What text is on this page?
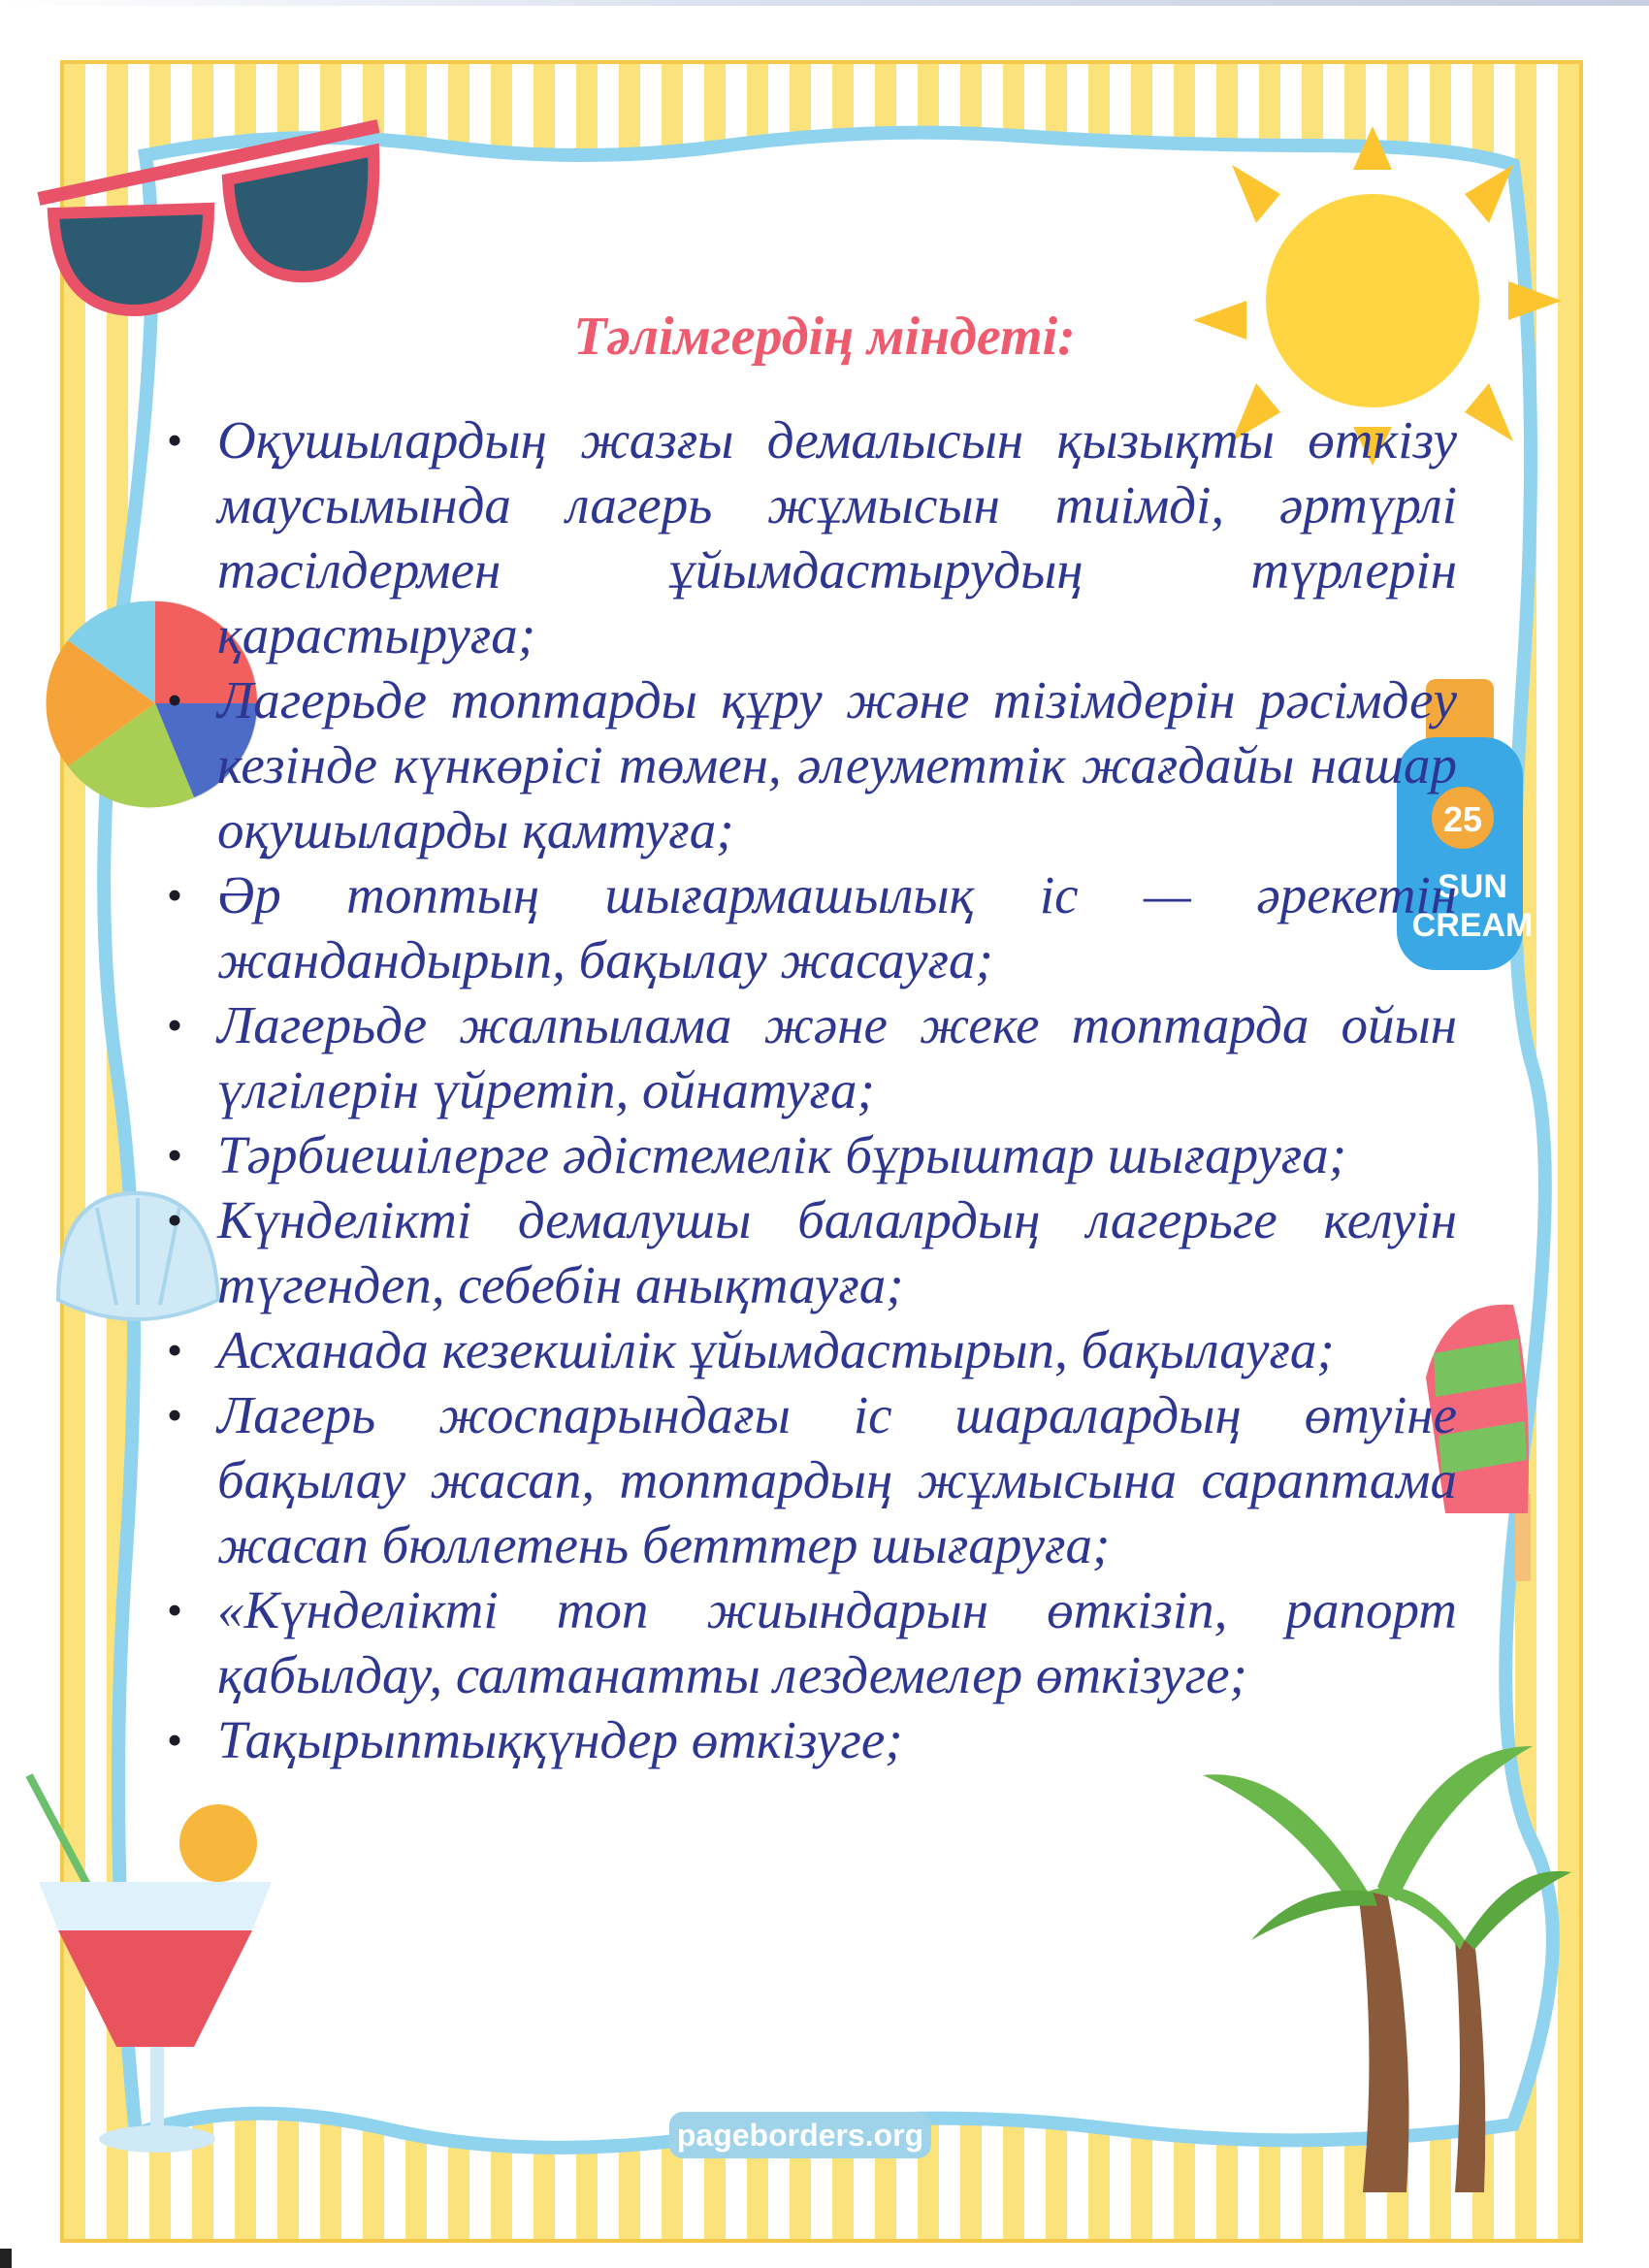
25
SUN
CREAM
Тәлімгердің міндеті:
• Оқушылардың жазғы демалысын қызықты өткізу маусымында лагерь жұмысын тиімді, әртүрлі тәсілдермен ұйымдастырудың түрлерін қарастыруға;
• Лагерьде топтарды құру және тізімдерін рәсімдеу кезінде күнкөрісі төмен, әлеуметтік жағдайы нашар оқушыларды қамтуға;
• Әр топтың шығармашылық іс — әрекетін жандандырып, бақылау жасауға;
• Лагерьде жалпылама және жеке топтарда ойын үлгілерін үйретіп, ойнатуға;
• Тәрбиешілерге әдістемелік бұрыштар шығаруға;
• Күнделікті демалушы балалрдың лагерьге келуін түгендеп, себебін анықтауға;
• Асханада кезекшілік ұйымдастырып, бақылауға;
• Лагерь жоспарындағы іс шаралардың өтуіне бақылау жасап, топтардың жұмысына сараптама жасап бюллетень бетттер шығаруға;
• «Күнделікті топ жиындарын өткізіп, рапорт қабылдау, салтанатты лездемелер өткізуге;
• Тақырыптыққүндер өткізуге;
pageborders.org
